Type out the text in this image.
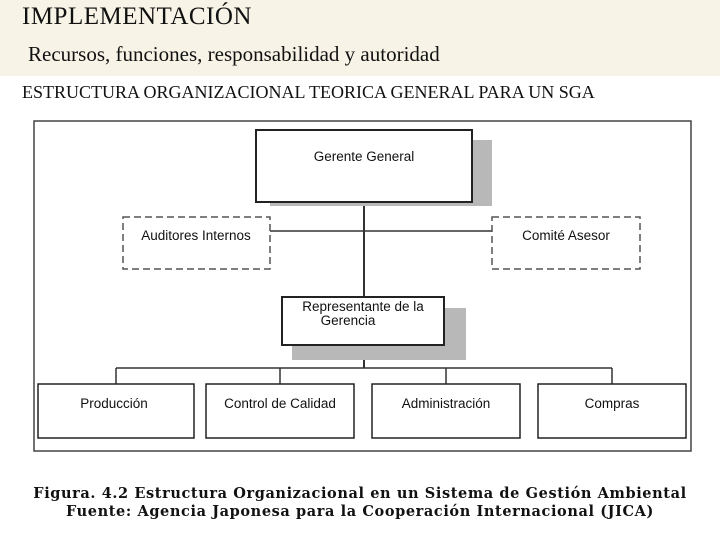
IMPLEMENTACIÓN
Recursos, funciones, responsabilidad y autoridad
ESTRUCTURA ORGANIZACIONAL TEORICA GENERAL PARA UN SGA
Gerente General
Auditores Internos	Comité Asesor
Representante de la
Gerencia
Producción	Control de Calidad	Administración	Compras
Figura. 4.2 Estructura Organizacional en un Sistema de Gestión Ambiental
Fuente: Agencia Japonesa para la Cooperación Internacional (JICA)
